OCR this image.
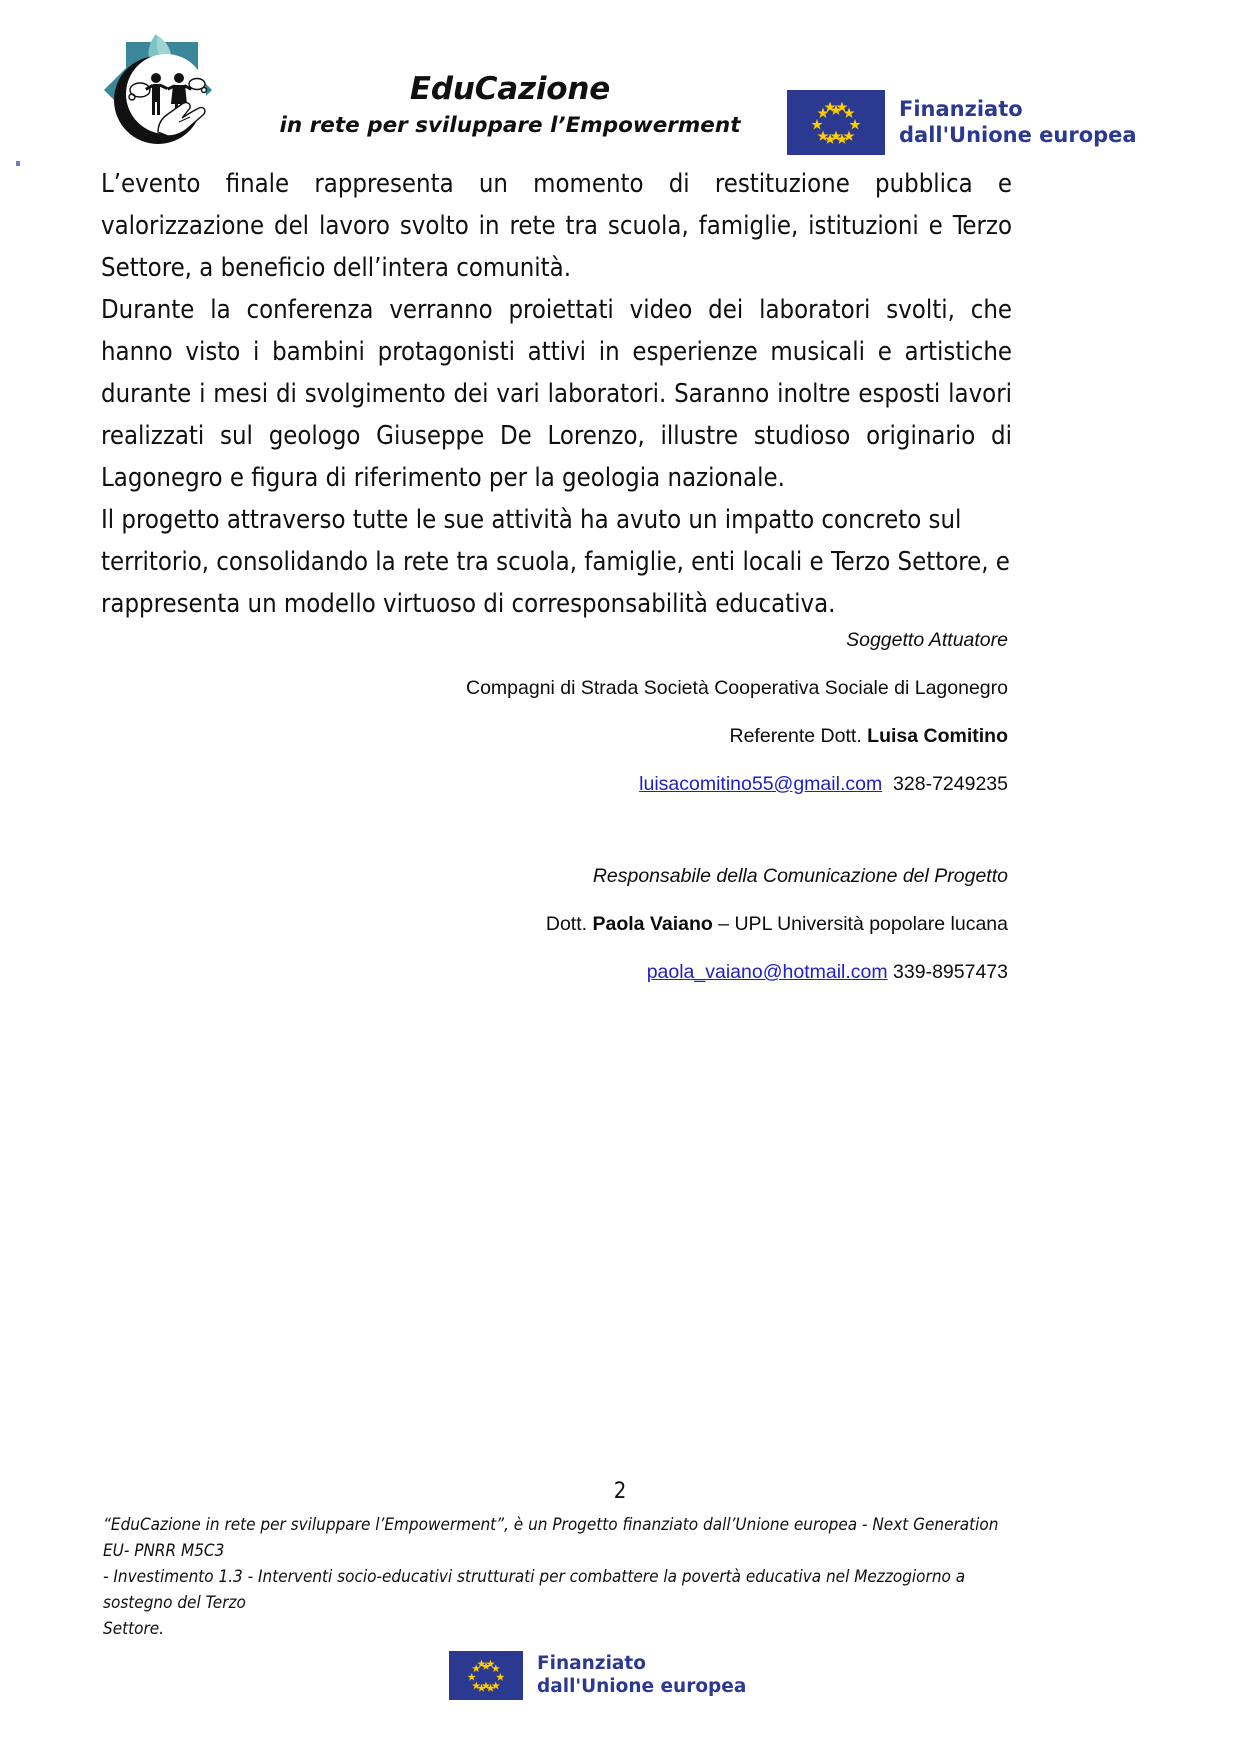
EduCazione
in rete per sviluppare l’Empowerment
Finanziato
dall'Unione europea

L’evento finale rappresenta un momento di restituzione pubblica e valorizzazione del lavoro svolto in rete tra scuola, famiglie, istituzioni e Terzo Settore, a beneficio dell’intera comunità.

Durante la conferenza verranno proiettati video dei laboratori svolti, che hanno visto i bambini protagonisti attivi in esperienze musicali e artistiche durante i mesi di svolgimento dei vari laboratori. Saranno inoltre esposti lavori realizzati sul geologo Giuseppe De Lorenzo, illustre studioso originario di Lagonegro e figura di riferimento per la geologia nazionale.

Il progetto attraverso tutte le sue attività ha avuto un impatto concreto sul territorio, consolidando la rete tra scuola, famiglie, enti locali e Terzo Settore, e rappresenta un modello virtuoso di corresponsabilità educativa.

Soggetto Attuatore
Compagni di Strada Società Cooperativa Sociale di Lagonegro
Referente Dott. Luisa Comitino
luisacomitino55@gmail.com 328-7249235
Responsabile della Comunicazione del Progetto
Dott. Paola Vaiano – UPL Università popolare lucana
paola_vaiano@hotmail.com 339-8957473
2
“EduCazione in rete per sviluppare l’Empowerment”, è un Progetto finanziato dall’Unione europea - Next Generation EU- PNRR M5C3
- Investimento 1.3 - Interventi socio-educativi strutturati per combattere la povertà educativa nel Mezzogiorno a sostegno del Terzo
Settore.
Finanziato
dall'Unione europea
